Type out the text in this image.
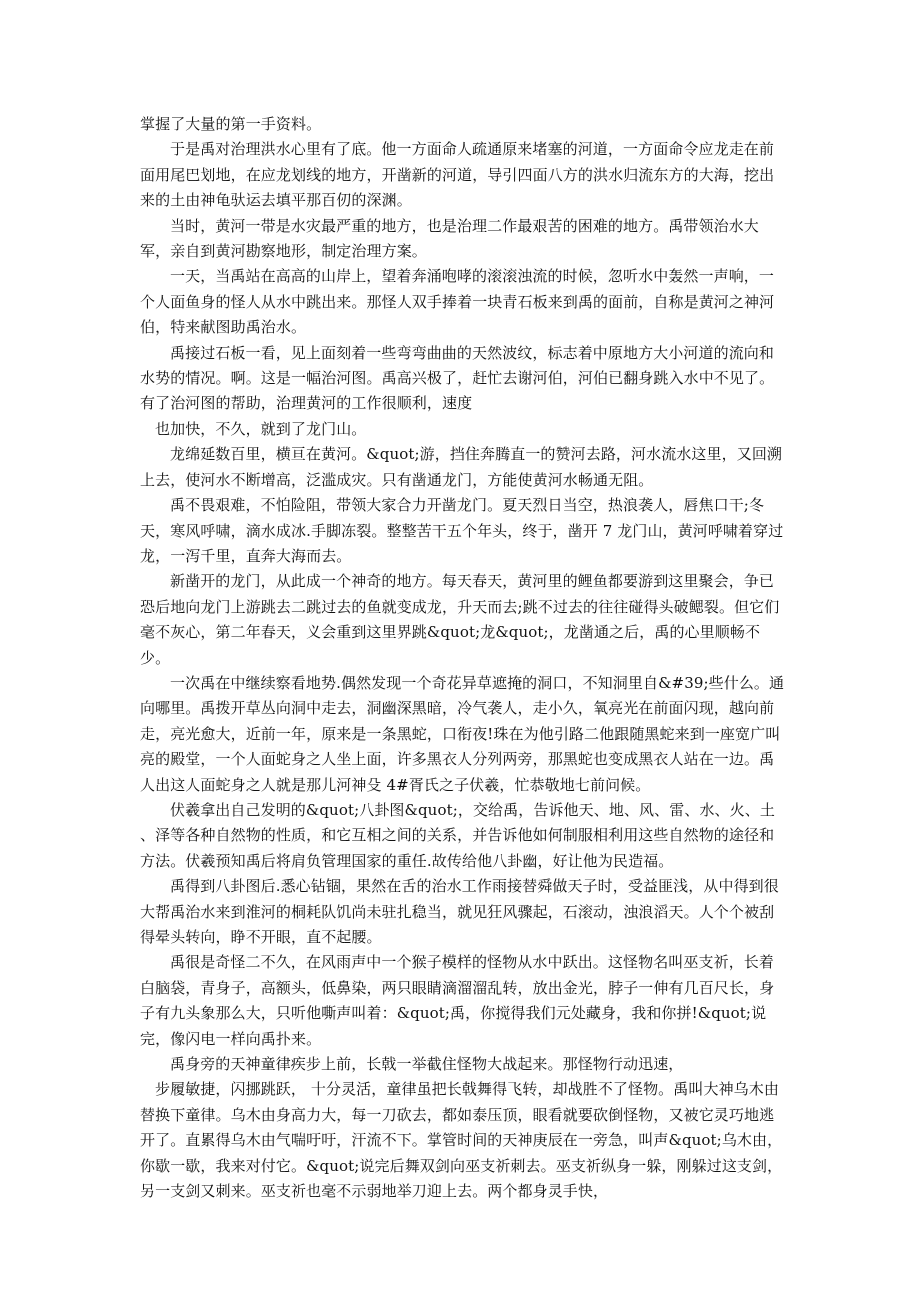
掌握了大量的第一手资料。

于是禹对治理洪水心里有了底。他一方面命人疏通原来堵塞的河道，一方面命令应龙走在前面用尾巴划地，在应龙划线的地方，开凿新的河道，导引四面八方的洪水归流东方的大海，挖出来的土由神龟驮运去填平那百仞的深渊。

当时，黄河一带是水灾最严重的地方，也是治理二作最艰苦的困难的地方。禹带领治水大军，亲自到黄河勘察地形，制定治理方案。

一天，当禹站在高高的山岸上，望着奔涌咆哮的滚滚浊流的时候，忽听水中轰然一声响，一个人面鱼身的怪人从水中跳出来。那怪人双手捧着一块青石板来到禹的面前，自称是黄河之神河伯，特来献图助禹治水。

禹接过石板一看，见上面刻着一些弯弯曲曲的天然波纹，标志着中原地方大小河道的流向和水势的情况。啊。这是一幅治河图。禹高兴极了，赶忙去谢河伯，河伯已翻身跳入水中不见了。有了治河图的帮助，治理黄河的工作很顺利，速度

也加快，不久，就到了龙门山。

龙绵延数百里，横亘在黄河。&quot;游，挡住奔腾直一的赞河去路，河水流水这里，又回溯上去，使河水不断增高，泛滥成灾。只有凿通龙门，方能使黄河水畅通无阻。

禹不畏艰难，不怕险阻，带领大家合力开凿龙门。夏天烈日当空，热浪袭人，唇焦口干;冬天，寒风呼啸，滴水成冰.手脚冻裂。整整苦干五个年头，终于，凿开 7 龙门山，黄河呼啸着穿过龙，一泻千里，直奔大海而去。

新凿开的龙门，从此成一个神奇的地方。每天春天，黄河里的鲤鱼都要游到这里聚会，争已恐后地向龙门上游跳去二跳过去的鱼就变成龙，升天而去;跳不过去的往往碰得头破鳃裂。但它们毫不灰心，第二年春天，义会重到这里界跳&quot;龙&quot;，龙凿通之后，禹的心里顺畅不少。

一次禹在中继续察看地势.偶然发现一个奇花异草遮掩的洞口，不知洞里自&#39;些什么。通向哪里。禹拨开草丛向洞中走去，洞幽深黑暗，冷气袭人，走小久，氧亮光在前面闪现，越向前走，亮光愈大，近前一年，原来是一条黑蛇，口衔夜!珠在为他引路二他跟随黑蛇来到一座宽广叫亮的殿堂，一个人面蛇身之人坐上面，许多黑衣人分列两旁，那黑蛇也变成黑衣人站在一边。禹人出这人面蛇身之人就是那儿河神殳 4#胥氏之子伏羲，忙恭敬地七前问候。

伏羲拿出自己发明的&quot;八卦图&quot;，交给禹，告诉他天、地、风、雷、水、火、土 、泽等各种自然物的性质，和它互相之间的关系，并告诉他如何制服相利用这些自然物的途径和方法。伏羲预知禹后将肩负管理国家的重任.故传给他八卦幽，好让他为民造福。

禹得到八卦图后.悉心钻锢，果然在舌的治水工作雨接替舜做天子时，受益匪浅，从中得到很大帮禹治水来到淮河的桐耗队饥尚未驻扎稳当，就见狂风骤起，石滚动，浊浪滔天。人个个被刮得晕头转向，睁不开眼，直不起腰。

禹很是奇怪二不久，在风雨声中一个猴子模样的怪物从水中跃出。这怪物名叫巫支祈，长着白脑袋，青身子，高额头，低鼻染，两只眼睛滴溜溜乱转，放出金光，脖子一伸有几百尺长，身子有九头象那么大，只听他嘶声叫着：&quot;禹，你搅得我们元处藏身，我和你拼!&quot;说完，像闪电一样向禹扑来。

禹身旁的天神童律疾步上前，长戟一举截住怪物大战起来。那怪物行动迅速，

步履敏捷，闪挪跳跃， 十分灵活，童律虽把长戟舞得飞转，却战胜不了怪物。禹叫大神乌木由替换下童律。乌木由身高力大，每一刀砍去，都如泰压顶，眼看就要砍倒怪物，又被它灵巧地逃开了。直累得乌木由气喘吁吁，汗流不下。掌管时间的天神庚辰在一旁急，叫声&quot;乌木由，你歇一歇，我来对付它。&quot;说完后舞双剑向巫支祈刺去。巫支祈纵身一躲，刚躲过这支剑，另一支剑又刺来。巫支祈也毫不示弱地举刀迎上去。两个都身灵手快，
